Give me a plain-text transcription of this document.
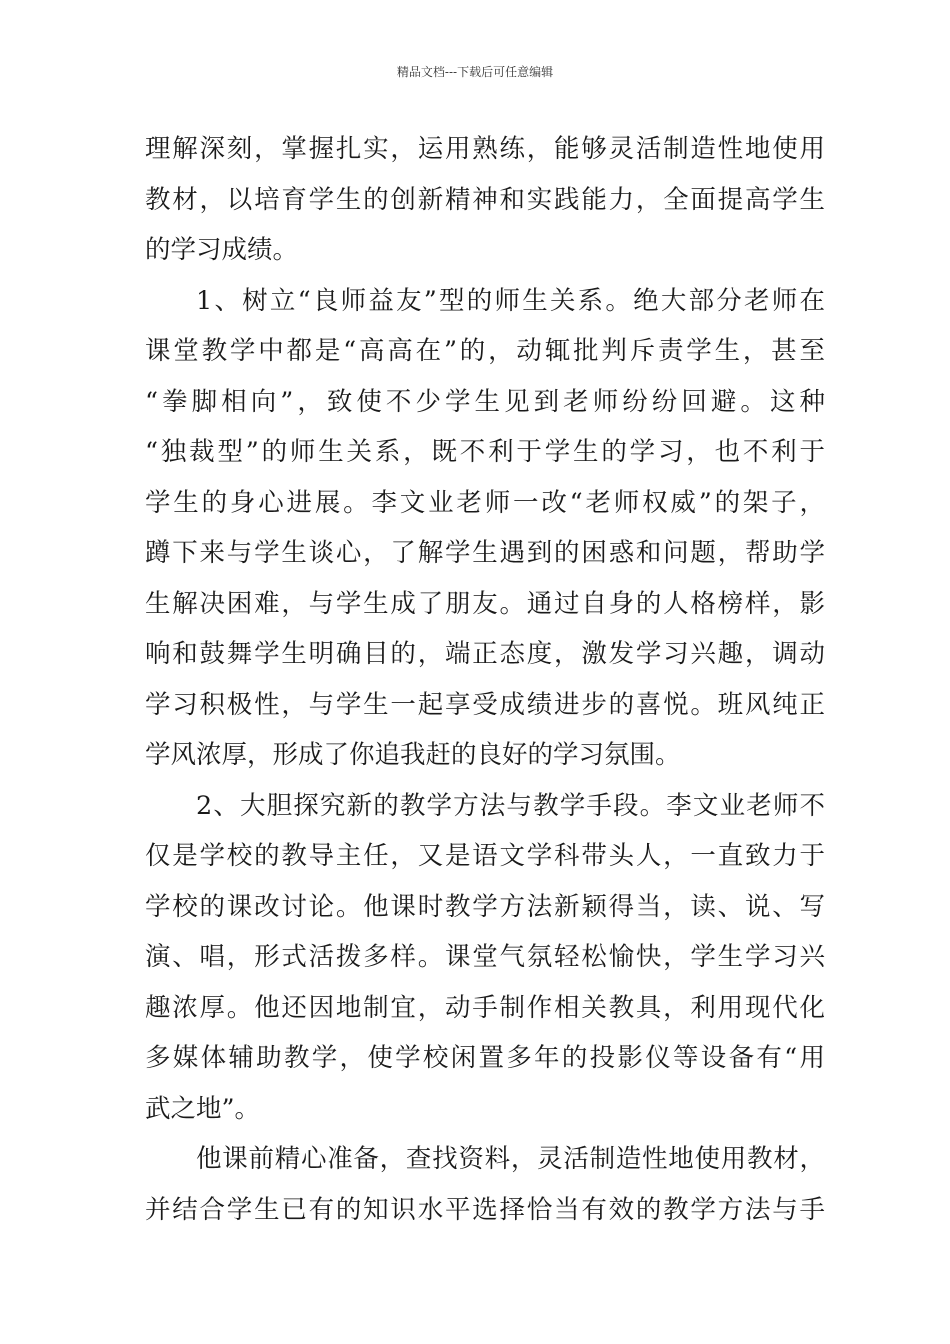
精品文档---下载后可任意编辑
理解深刻，掌握扎实，运用熟练，能够灵活制造性地使用
教材，以培育学生的创新精神和实践能力，全面提高学生
的学习成绩。
1、树立“良师益友”型的师生关系。绝大部分老师在
课堂教学中都是“高高在”的，动辄批判斥责学生，甚至
“拳脚相向”，致使不少学生见到老师纷纷回避。这种
“独裁型”的师生关系，既不利于学生的学习，也不利于
学生的身心进展。李文业老师一改“老师权威”的架子，
蹲下来与学生谈心，了解学生遇到的困惑和问题，帮助学
生解决困难，与学生成了朋友。通过自身的人格榜样，影
响和鼓舞学生明确目的，端正态度，激发学习兴趣，调动
学习积极性，与学生一起享受成绩进步的喜悦。班风纯正
学风浓厚，形成了你追我赶的良好的学习氛围。
2、大胆探究新的教学方法与教学手段。李文业老师不
仅是学校的教导主任，又是语文学科带头人，一直致力于
学校的课改讨论。他课时教学方法新颖得当，读、说、写
演、唱，形式活拨多样。课堂气氛轻松愉快，学生学习兴
趣浓厚。他还因地制宜，动手制作相关教具，利用现代化
多媒体辅助教学，使学校闲置多年的投影仪等设备有“用
武之地”。
他课前精心准备，查找资料，灵活制造性地使用教材，
并结合学生已有的知识水平选择恰当有效的教学方法与手
